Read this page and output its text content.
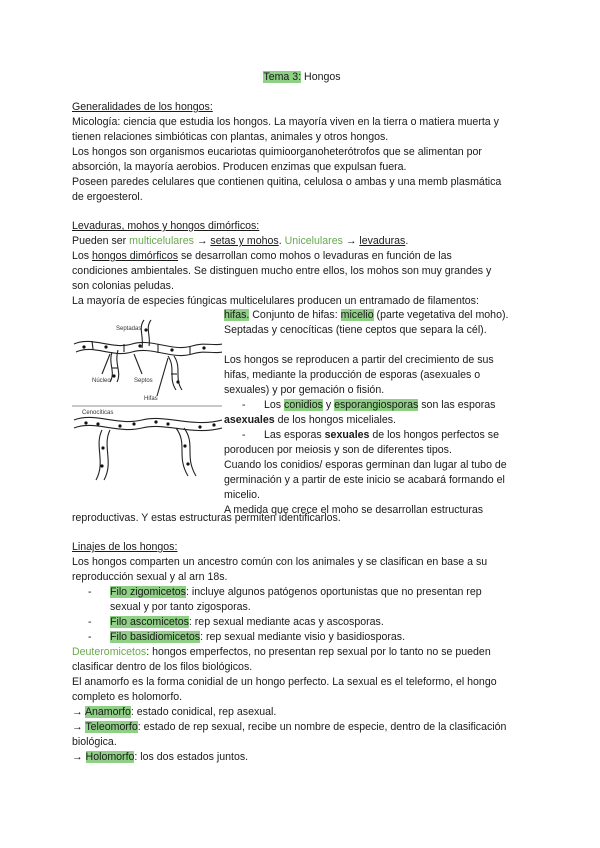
Tema 3: Hongos
Generalidades de los hongos:
Micología: ciencia que estudia los hongos. La mayoría viven en la tierra o matiera muerta y
tienen relaciones simbióticas con plantas, animales y otros hongos.
Los hongos son organismos eucariotas quimioorganoheterótrofos que se alimentan por
absorción, la mayoría aerobios. Producen enzimas que expulsan fuera.
Poseen paredes celulares que contienen quitina, celulosa o ambas y una memb plasmática
de ergoesterol.
Levaduras, mohos y hongos dimórficos:
Pueden ser multicelulares → setas y mohos. Unicelulares → levaduras.
Los hongos dimórficos se desarrollan como mohos o levaduras en función de las
condiciones ambientales. Se distinguen mucho entre ellos, los mohos son muy grandes y
son colonias peludas.
La mayoría de especies fúngicas multicelulares producen un entramado de filamentos:
Septadas
Núcleo	Septos
Hifas
Cenocíticas
hifas. Conjunto de hifas: micelio (parte vegetativa del moho).
Septadas y cenocíticas (tiene ceptos que separa la cél).
Los hongos se reproducen a partir del crecimiento de sus
hifas, mediante la producción de esporas (asexuales o
sexuales) y por gemación o fisión.
- Los conidios y esporangiosporas son las esporas
asexuales de los hongos miceliales.
- Las esporas sexuales de los hongos perfectos se
poroducen por meiosis y son de diferentes tipos.
Cuando los conidios/ esporas germinan dan lugar al tubo de
germinación y a partir de este inicio se acabará formando el
micelio.
A medida que crece el moho se desarrollan estructuras
reproductivas. Y estas estructuras permiten identificarlos.
Linajes de los hongos:
Los hongos comparten un ancestro común con los animales y se clasifican en base a su
reproducción sexual y al arn 18s.
- Filo zigomicetos: incluye algunos patógenos oportunistas que no presentan rep
sexual y por tanto zigosporas.
- Filo ascomicetos: rep sexual mediante acas y ascosporas.
- Filo basidiomicetos: rep sexual mediante visio y basidiosporas.
Deuteromicetos: hongos emperfectos, no presentan rep sexual por lo tanto no se pueden
clasificar dentro de los filos biológicos.
El anamorfo es la forma conidial de un hongo perfecto. La sexual es el teleformo, el hongo
completo es holomorfo.
→ Anamorfo: estado conidical, rep asexual.
→ Teleomorfo: estado de rep sexual, recibe un nombre de especie, dentro de la clasificación
biológica.
→ Holomorfo: los dos estados juntos.
